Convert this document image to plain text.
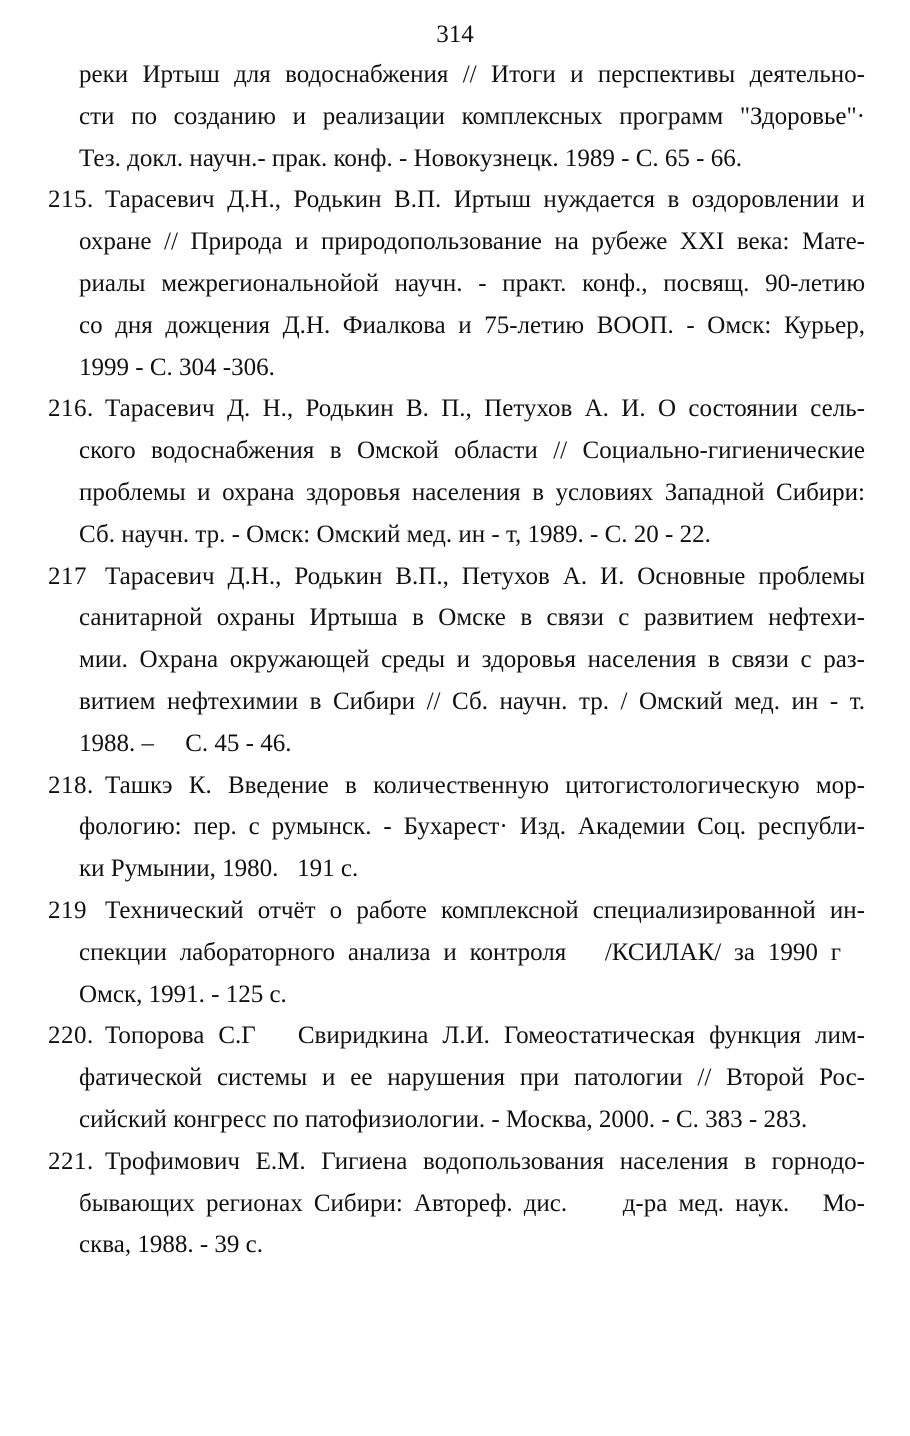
314
реки Иртыш для водоснабжения // Итоги и перспективы деятельно-
сти по созданию и реализации комплексных программ "Здоровье"·
Тез. докл. научн.- прак. конф. - Новокузнецк. 1989 - С. 65 - 66.
215. Тарасевич Д.Н., Родькин В.П. Иртыш нуждается в оздоровлении и
охране // Природа и природопользование на рубеже XXI века: Мате-
риалы межрегиональнойой научн. - практ. конф., посвящ. 90-летию
со дня дожцения Д.Н. Фиалкова и 75-летию ВООП. - Омск: Курьер,
1999 - С. 304 -306.
216. Тарасевич Д. Н., Родькин В. П., Петухов А. И. О состоянии сель-
ского водоснабжения в Омской области // Социально-гигиенические
проблемы и охрана здоровья населения в условиях Западной Сибири:
Сб. научн. тр. - Омск: Омский мед. ин - т, 1989. - С. 20 - 22.
217 Тарасевич Д.Н., Родькин В.П., Петухов А. И. Основные проблемы
санитарной охраны Иртыша в Омске в связи с развитием нефтехи-
мии. Охрана окружающей среды и здоровья населения в связи с раз-
витием нефтехимии в Сибири // Сб. научн. тр. / Омский мед. ин - т.
1988. –     С. 45 - 46.
218. Ташкэ К. Введение в количественную цитогистологическую мор-
фологию: пер. с румынск. - Бухарест· Изд. Академии Соц. республи-
ки Румынии, 1980.   191 с.
219 Технический отчёт о работе комплексной специализированной ин-
спекции лабораторного анализа и контроля   /КСИЛАК/ за 1990 г
Омск, 1991. - 125 с.
220. Топорова С.Г   Свиридкина Л.И. Гомеостатическая функция лим-
фатической системы и ее нарушения при патологии // Второй Рос-
сийский конгресс по патофизиологии. - Москва, 2000. - С. 383 - 283.
221. Трофимович Е.М. Гигиена водопользования населения в горнодо-
бывающих регионах Сибири: Автореф. дис.     д-ра мед. наук.   Мо-
сква, 1988. - 39 с.
